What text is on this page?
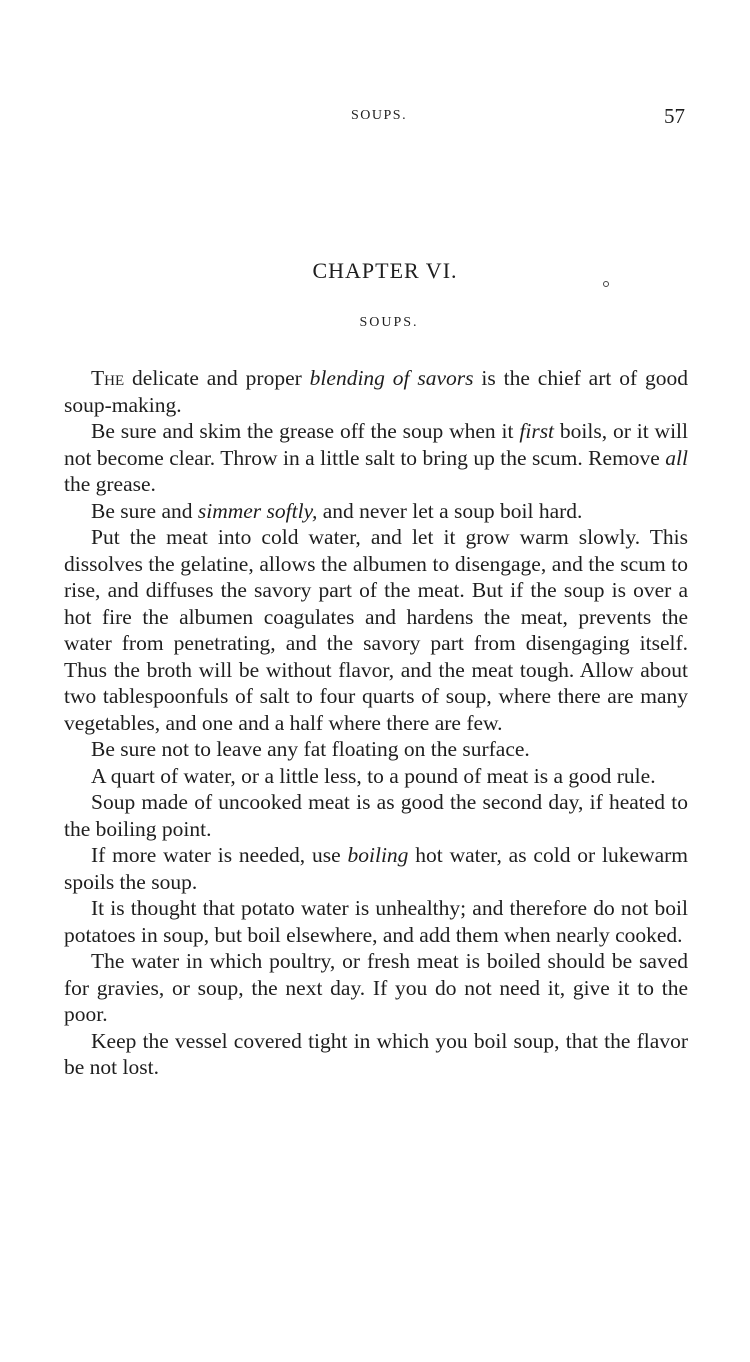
SOUPS.	57
CHAPTER VI.
SOUPS.

The delicate and proper blending of savors is the chief art of good soup-making.

Be sure and skim the grease off the soup when it first boils, or it will not become clear. Throw in a little salt to bring up the scum. Remove all the grease.

Be sure and simmer softly, and never let a soup boil hard.

Put the meat into cold water, and let it grow warm slowly. This dissolves the gelatine, allows the albumen to disengage, and the scum to rise, and diffuses the savory part of the meat. But if the soup is over a hot fire the albumen coagulates and hardens the meat, prevents the water from penetrating, and the savory part from disengaging itself. Thus the broth will be without flavor, and the meat tough. Allow about two tablespoonfuls of salt to four quarts of soup, where there are many vegetables, and one and a half where there are few.

Be sure not to leave any fat floating on the surface.

A quart of water, or a little less, to a pound of meat is a good rule.

Soup made of uncooked meat is as good the second day, if heated to the boiling point.

If more water is needed, use boiling hot water, as cold or lukewarm spoils the soup.

It is thought that potato water is unhealthy; and therefore do not boil potatoes in soup, but boil elsewhere, and add them when nearly cooked.

The water in which poultry, or fresh meat is boiled should be saved for gravies, or soup, the next day. If you do not need it, give it to the poor.

Keep the vessel covered tight in which you boil soup, that the flavor be not lost.
